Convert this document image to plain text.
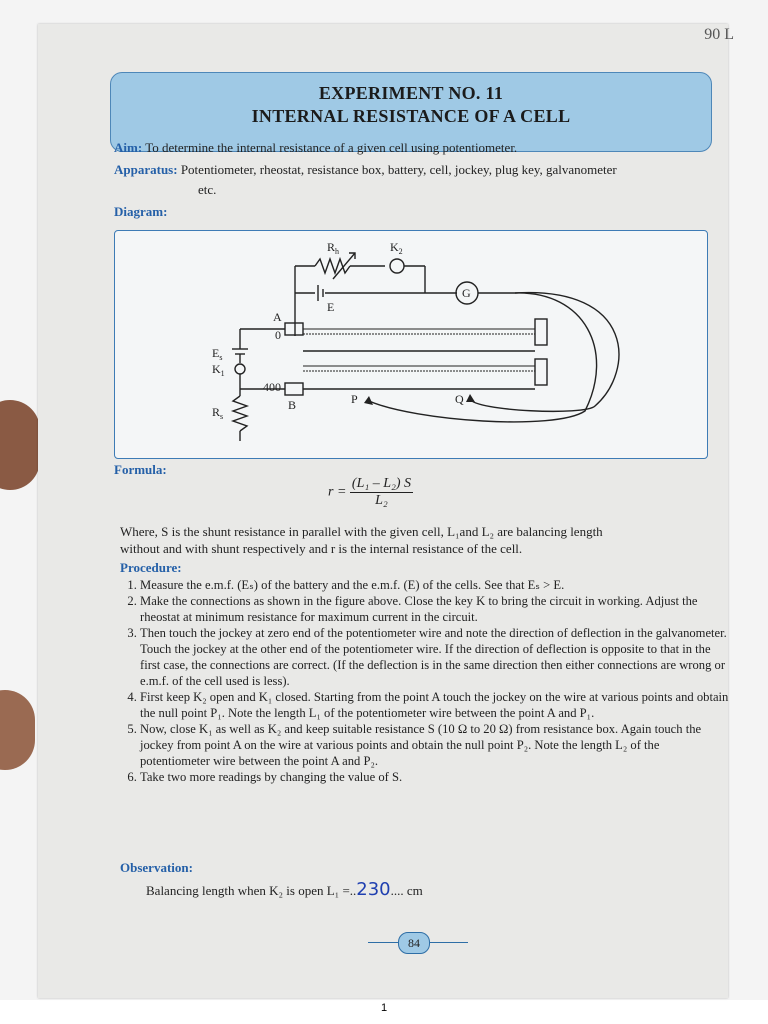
90 L
EXPERIMENT NO. 11
INTERNAL RESISTANCE OF A CELL
Aim: To determine the internal resistance of a given cell using potentiometer.
Apparatus: Potentiometer, rheostat, resistance box, battery, cell, jockey, plug key, galvanometer
etc.
Diagram:
$R_h$	$K_2$
G
E
A
0
$E_s$
$K_1$
$R_s$
400
B	P	Q
Formula:
$r = \frac{\text{(L₁ – L₂) S}}{\text{L₂}}$
Where, S is the shunt resistance in parallel with the given cell, L₁and L₂ are balancing length
without and with shunt respectively and r is the internal resistance of the cell.
Procedure:
1. Measure the e.m.f. (Eₛ) of the battery and the e.m.f. (E) of the cells. See that Eₛ > E.
2. Make the connections as shown in the figure above. Close the key K to bring the circuit in working. Adjust the rheostat at minimum resistance for maximum current in the circuit.
3. Then touch the jockey at zero end of the potentiometer wire and note the direction of deflection in the galvanometer. Touch the jockey at the other end of the potentiometer wire. If the direction of deflection is opposite to that in the first case, the connections are correct. (If the deflection is in the same direction then either connections are wrong or e.m.f. of the cell used is less).
4. First keep K₂ open and K₁ closed. Starting from the point A touch the jockey on the wire at various points and obtain the null point P₁. Note the length L₁ of the potentiometer wire between the point A and P₁.
5. Now, close K₁ as well as K₂ and keep suitable resistance S (10 Ω to 20 Ω) from resistance box. Again touch the jockey from point A on the wire at various points and obtain the null point P₂. Note the length L₂ of the potentiometer wire between the point A and P₂.
6. Take two more readings by changing the value of S.
Observation:
Balancing length when K₂ is open L₁ =..230.... cm
84
1
